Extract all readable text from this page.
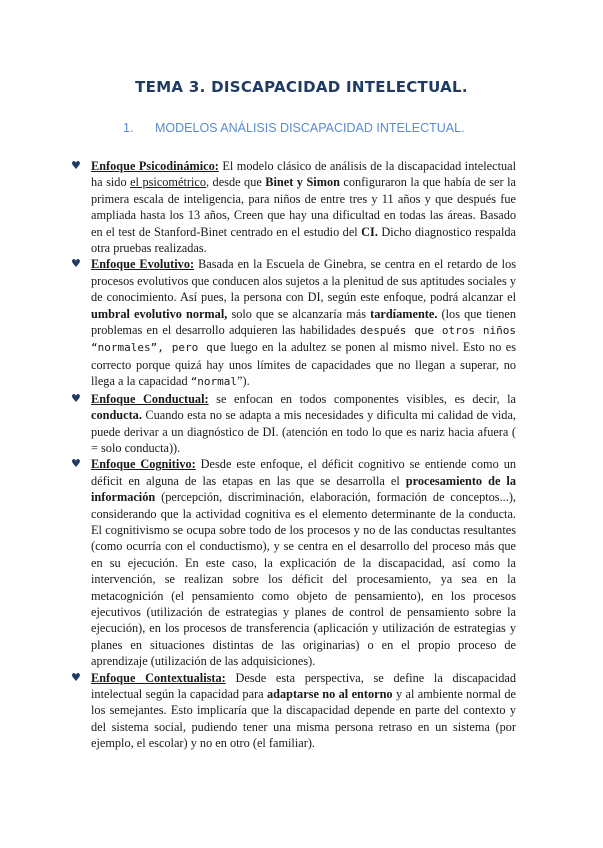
TEMA 3. DISCAPACIDAD INTELECTUAL.
1. MODELOS ANÁLISIS DISCAPACIDAD INTELECTUAL.

♥ Enfoque Psicodinámico: El modelo clásico de análisis de la discapacidad intelectual ha sido el psicométrico, desde que Binet y Simon configuraron la que había de ser la primera escala de inteligencia, para niños de entre tres y 11 años y que después fue ampliada hasta los 13 años, Creen que hay una dificultad en todas las áreas. Basado en el test de Stanford-Binet centrado en el estudio del CI. Dicho diagnostico respalda otra pruebas realizadas.

♥ Enfoque Evolutivo: Basada en la Escuela de Ginebra, se centra en el retardo de los procesos evolutivos que conducen alos sujetos a la plenitud de sus aptitudes sociales y de conocimiento. Así pues, la persona con DI, según este enfoque, podrá alcanzar el umbral evolutivo normal, solo que se alcanzaría más tardíamente. (los que tienen problemas en el desarrollo adquieren las habilidades después que otros niños “normales”, pero que luego en la adultez se ponen al mismo nivel. Esto no es correcto porque quizá hay unos límites de capacidades que no llegan a superar, no llega a la capacidad “normal”).

♥ Enfoque Conductual: se enfocan en todos componentes visibles, es decir, la conducta. Cuando esta no se adapta a mis necesidades y dificulta mi calidad de vida, puede derivar a un diagnóstico de DI. (atención en todo lo que es nariz hacia afuera ( = solo conducta)).

♥ Enfoque Cognitivo: Desde este enfoque, el déficit cognitivo se entiende como un déficit en alguna de las etapas en las que se desarrolla el procesamiento de la información (percepción, discriminación, elaboración, formación de conceptos...), considerando que la actividad cognitiva es el elemento determinante de la conducta. El cognitivismo se ocupa sobre todo de los procesos y no de las conductas resultantes (como ocurría con el conductismo), y se centra en el desarrollo del proceso más que en su ejecución. En este caso, la explicación de la discapacidad, así como la intervención, se realizan sobre los déficit del procesamiento, ya sea en la metacognición (el pensamiento como objeto de pensamiento), en los procesos ejecutivos (utilización de estrategias y planes de control de pensamiento sobre la ejecución), en los procesos de transferencia (aplicación y utilización de estrategias y planes en situaciones distintas de las originarias) o en el propio proceso de aprendizaje (utilización de las adquisiciones).

♥ Enfoque Contextualista: Desde esta perspectiva, se define la discapacidad intelectual según la capacidad para adaptarse no al entorno y al ambiente normal de los semejantes. Esto implicaría que la discapacidad depende en parte del contexto y del sistema social, pudiendo tener una misma persona retraso en un sistema (por ejemplo, el escolar) y no en otro (el familiar).
